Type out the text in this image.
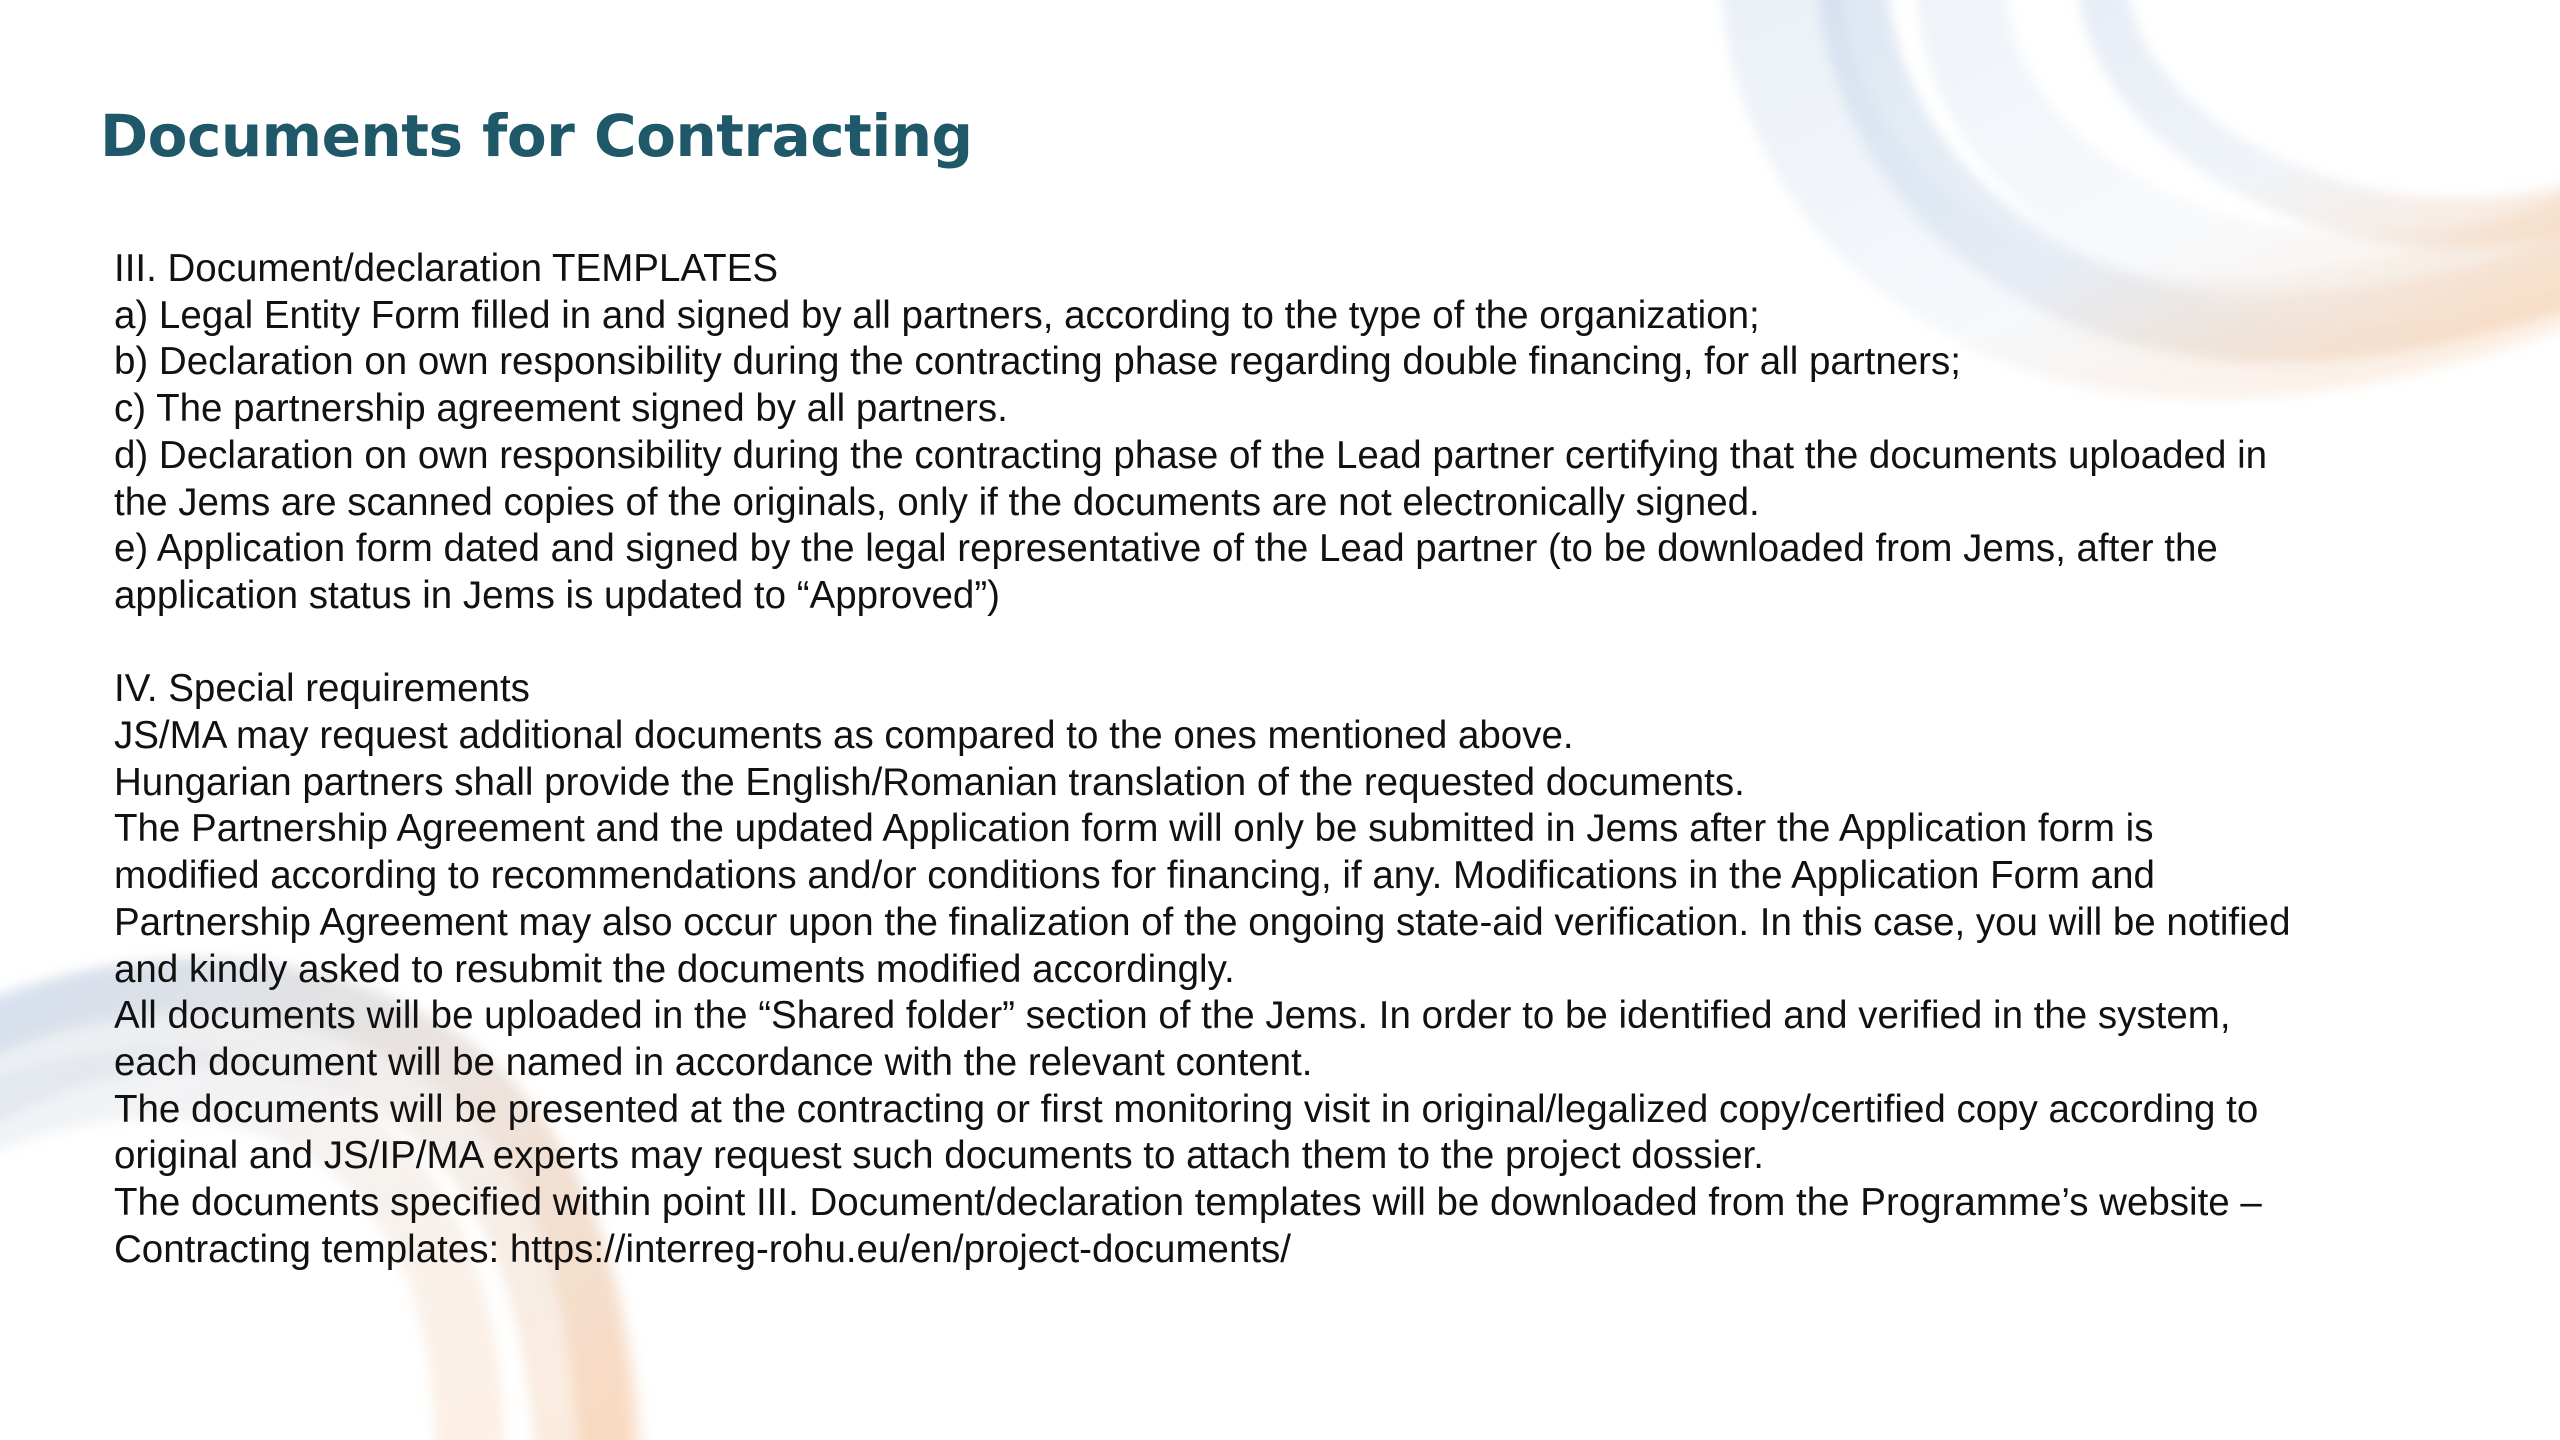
Documents for Contracting
III. Document/declaration TEMPLATES
a) Legal Entity Form filled in and signed by all partners, according to the type of the organization;
b) Declaration on own responsibility during the contracting phase regarding double financing, for all partners;
c) The partnership agreement signed by all partners.
d) Declaration on own responsibility during the contracting phase of the Lead partner certifying that the documents uploaded in
the Jems are scanned copies of the originals, only if the documents are not electronically signed.
e) Application form dated and signed by the legal representative of the Lead partner (to be downloaded from Jems, after the
application status in Jems is updated to “Approved”)
IV. Special requirements
JS/MA may request additional documents as compared to the ones mentioned above.
Hungarian partners shall provide the English/Romanian translation of the requested documents.
The Partnership Agreement and the updated Application form will only be submitted in Jems after the Application form is
modified according to recommendations and/or conditions for financing, if any. Modifications in the Application Form and
Partnership Agreement may also occur upon the finalization of the ongoing state-aid verification. In this case, you will be notified
and kindly asked to resubmit the documents modified accordingly.
All documents will be uploaded in the “Shared folder” section of the Jems. In order to be identified and verified in the system,
each document will be named in accordance with the relevant content.
The documents will be presented at the contracting or first monitoring visit in original/legalized copy/certified copy according to
original and JS/IP/MA experts may request such documents to attach them to the project dossier.
The documents specified within point III. Document/declaration templates will be downloaded from the Programme’s website –
Contracting templates: https://interreg-rohu.eu/en/project-documents/
